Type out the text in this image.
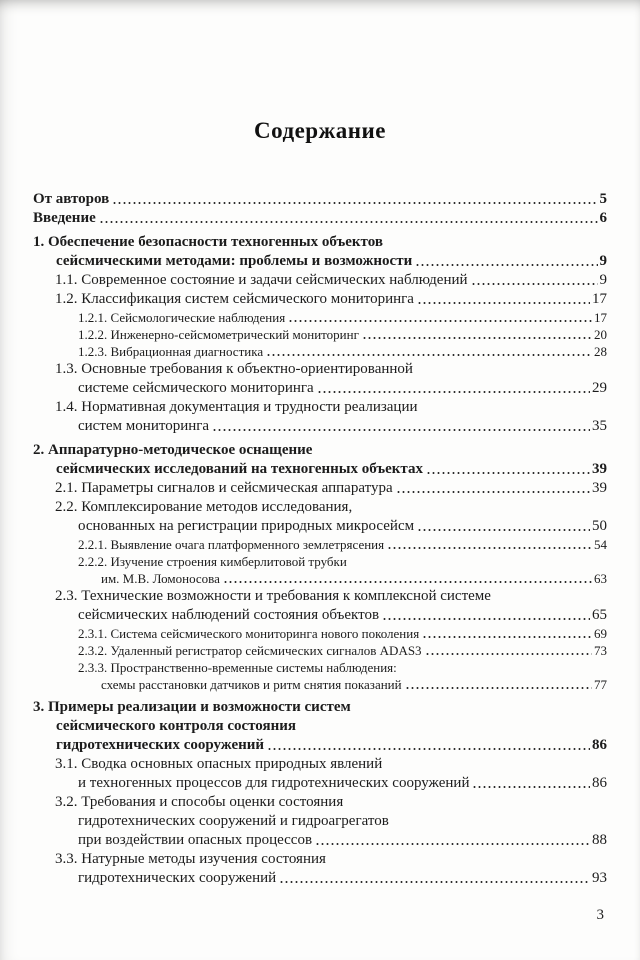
Содержание
От авторов	5
Введение	6
1. Обеспечение безопасности техногенных объектов
сейсмическими методами: проблемы и возможности	9
1.1. Современное состояние и задачи сейсмических наблюдений	9
1.2. Классификация систем сейсмического мониторинга	17
1.2.1. Сейсмологические наблюдения	17
1.2.2. Инженерно-сейсмометрический мониторинг	20
1.2.3. Вибрационная диагностика	28
1.3. Основные требования к объектно-ориентированной
системе сейсмического мониторинга	29
1.4. Нормативная документация и трудности реализации
систем мониторинга	35
2. Аппаратурно-методическое оснащение
сейсмических исследований на техногенных объектах	39
2.1. Параметры сигналов и сейсмическая аппаратура	39
2.2. Комплексирование методов исследования,
основанных на регистрации природных микросейсм	50
2.2.1. Выявление очага платформенного землетрясения	54
2.2.2. Изучение строения кимберлитовой трубки
им. М.В. Ломоносова	63
2.3. Технические возможности и требования к комплексной системе
сейсмических наблюдений состояния объектов	65
2.3.1. Система сейсмического мониторинга нового поколения	69
2.3.2. Удаленный регистратор сейсмических сигналов ADAS3	73
2.3.3. Пространственно-временные системы наблюдения:
схемы расстановки датчиков и ритм снятия показаний	77
3. Примеры реализации и возможности систем
сейсмического контроля состояния
гидротехнических сооружений	86
3.1. Сводка основных опасных природных явлений
и техногенных процессов для гидротехнических сооружений	86
3.2. Требования и способы оценки состояния
гидротехнических сооружений и гидроагрегатов
при воздействии опасных процессов	88
3.3. Натурные методы изучения состояния
гидротехнических сооружений	93
3
